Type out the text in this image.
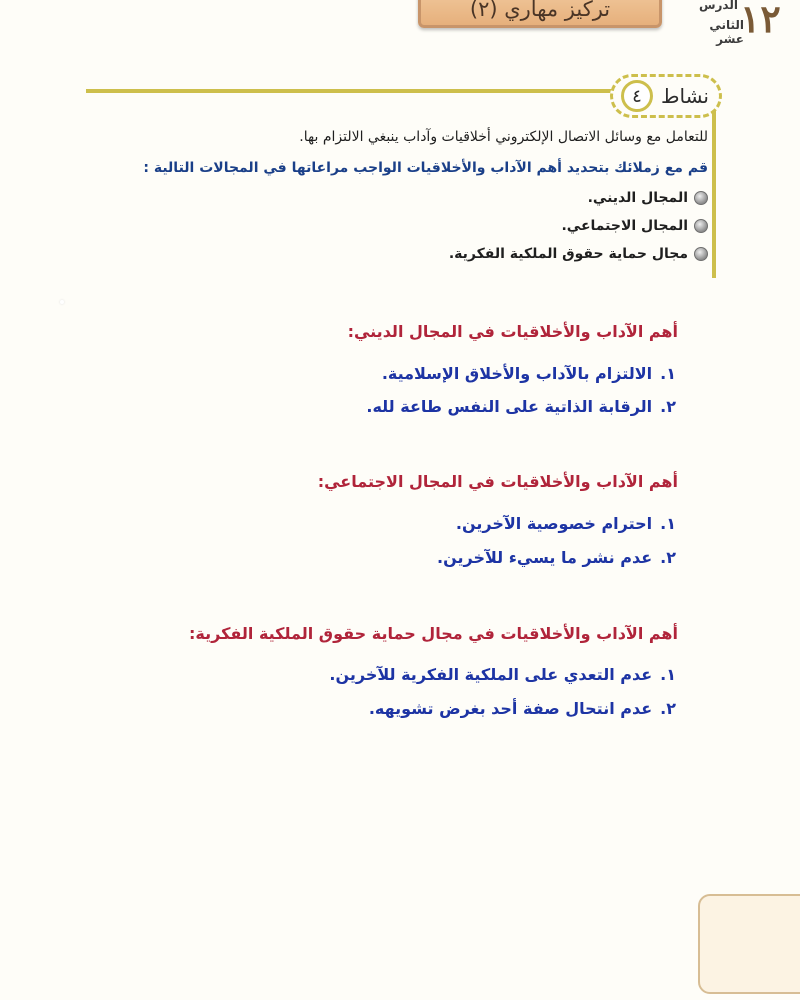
تركيز مهاري (٢)	الدرس
الثاني عشر
١٢
نشاط
٤
للتعامل مع وسائل الاتصال الإلكتروني أخلاقيات وآداب ينبغي الالتزام بها.
قم مع زملائك بتحديد أهم الآداب والأخلاقيات الواجب مراعاتها في المجالات التالية :
المجال الديني.
المجال الاجتماعي.
مجال حماية حقوق الملكية الفكرية.
أهم الآداب والأخلاقيات في المجال الديني:
١.
الالتزام بالآداب والأخلاق الإسلامية.
٢.
الرقابة الذاتية على النفس طاعة لله.
أهم الآداب والأخلاقيات في المجال الاجتماعي:
١.
احترام خصوصية الآخرين.
٢.
عدم نشر ما يسيء للآخرين.
أهم الآداب والأخلاقيات في مجال حماية حقوق الملكية الفكرية:
١.
عدم التعدي على الملكية الفكرية للآخرين.
٢.
عدم انتحال صفة أحد بغرض تشويهه.
